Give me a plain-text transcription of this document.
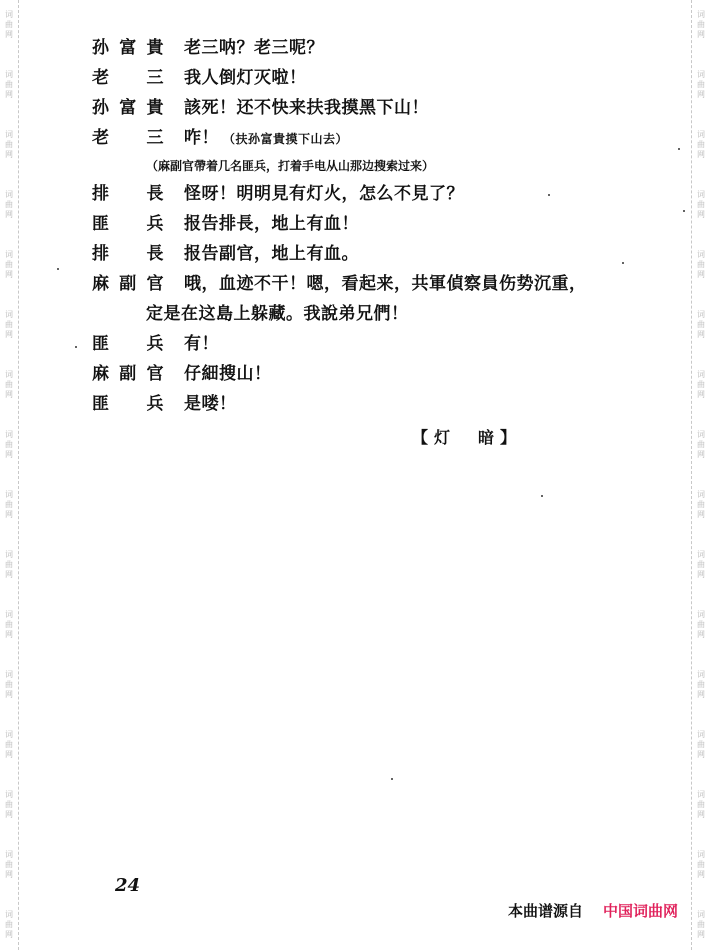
词
曲
网
词
曲
网
词
曲
网
词
曲
网
词
曲
网
词
曲
网
词
曲
网
词
曲
网
词
曲
网
词
曲
网
词
曲
网
词
曲
网
词
曲
网
词
曲
网
词
曲
网
词
曲
网
词
曲
网
词
曲
网
词
曲
网
词
曲
网
词
曲
网
词
曲
网
词
曲
网
词
曲
网
词
曲
网
词
曲
网
词
曲
网
词
曲
网
词
曲
网
词
曲
网
词
曲
网
词
曲
网
孙 富 貴 老三呐？老三呢？
老 三 我人倒灯灭啦！
孙 富 貴 該死！还不快来扶我摸黑下山！
老 三 咋！ （扶孙富貴摸下山去）
（麻副官帶着几名匪兵，打着手电从山那边搜索过来）
排 長 怪呀！明明見有灯火，怎么不見了？
匪 兵 报告排長，地上有血！
排 長 报告副官，地上有血。
麻 副 官 哦，血迹不干！嗯，看起来，共軍偵察員伤势沉重，
定是在这島上躲藏。我說弟兄們！
匪 兵 有！
麻 副 官 仔細搜山！
匪 兵 是喽！
【灯　暗】
24
本曲谱源自 中国词曲网
